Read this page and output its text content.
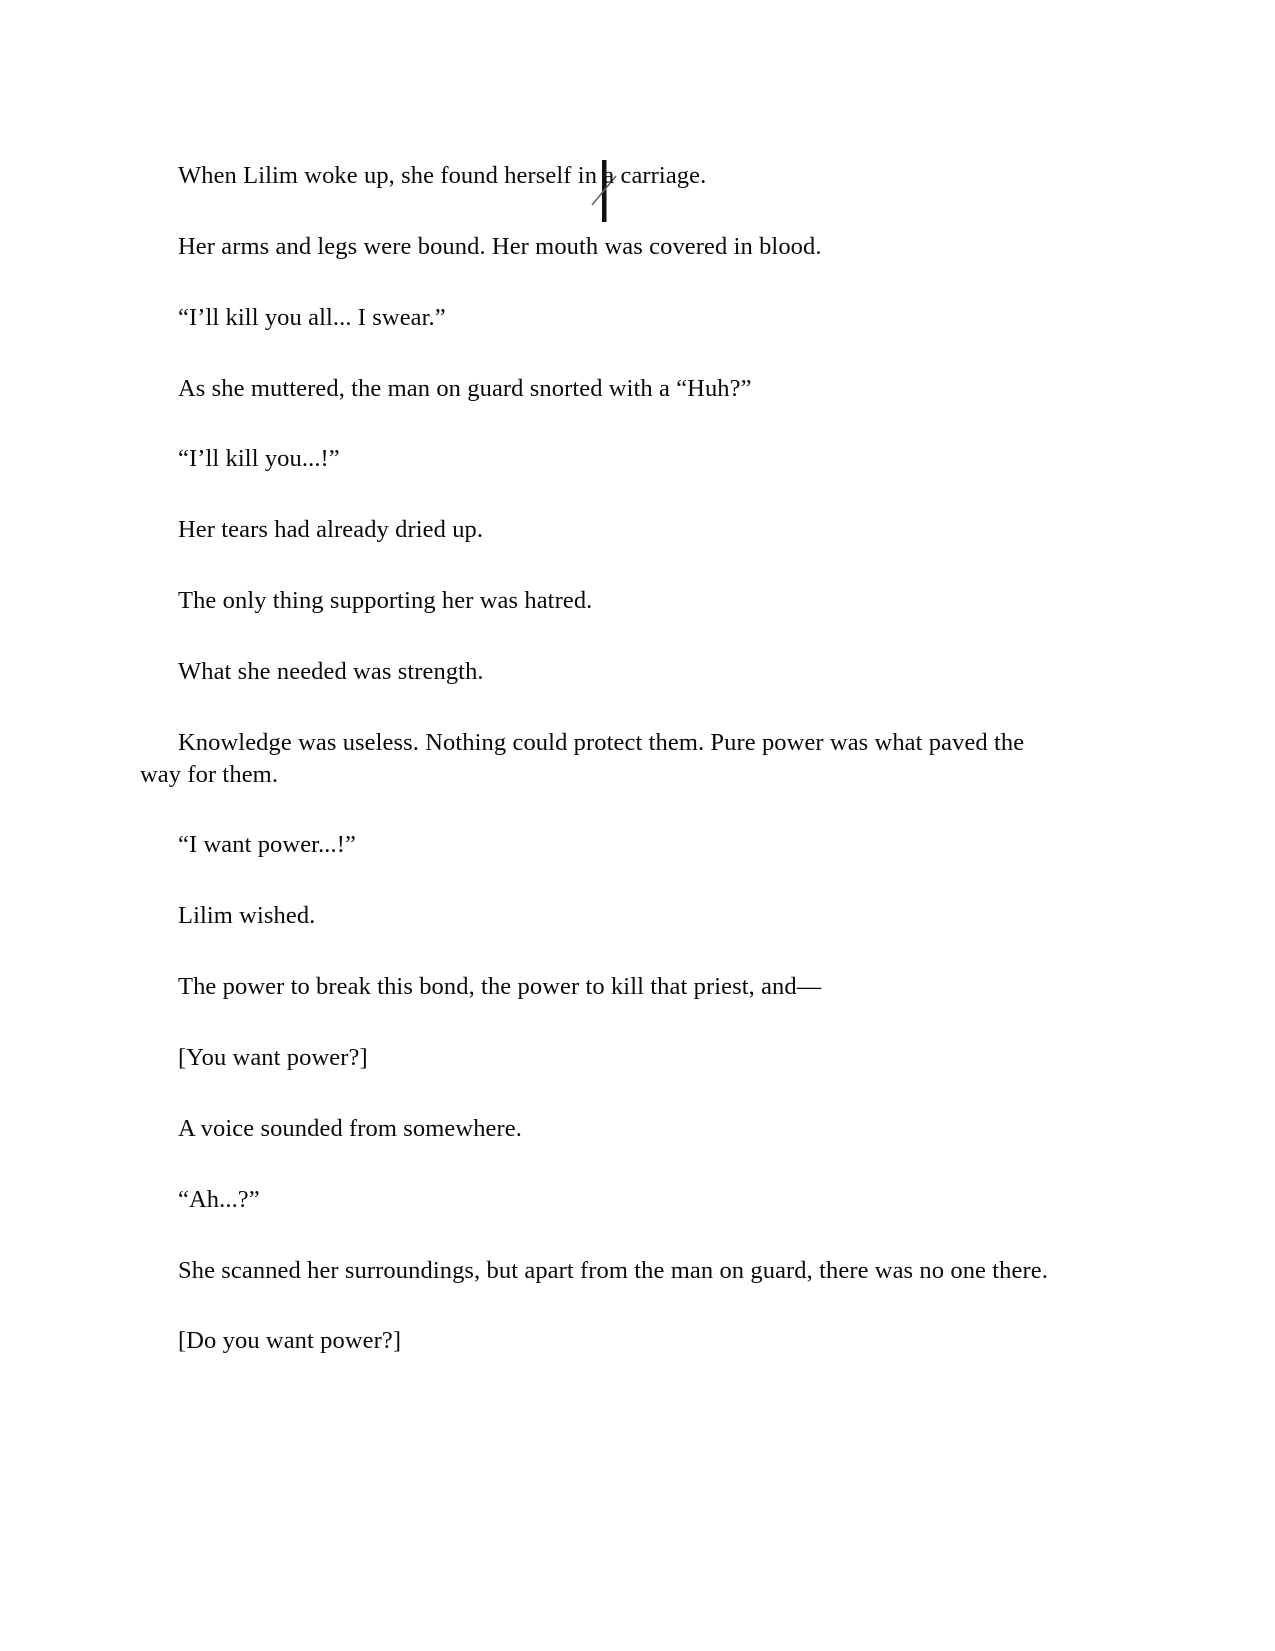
When Lilim woke up, she found herself in a carriage.

Her arms and legs were bound. Her mouth was covered in blood.

“I’ll kill you all... I swear.”

As she muttered, the man on guard snorted with a “Huh?”

“I’ll kill you...!”

Her tears had already dried up.

The only thing supporting her was hatred.

What she needed was strength.

Knowledge was useless. Nothing could protect them. Pure power was what paved the way for them.

“I want power...!”

Lilim wished.

The power to break this bond, the power to kill that priest, and—

[You want power?]

A voice sounded from somewhere.

“Ah...?”

She scanned her surroundings, but apart from the man on guard, there was no one there.

[Do you want power?]
